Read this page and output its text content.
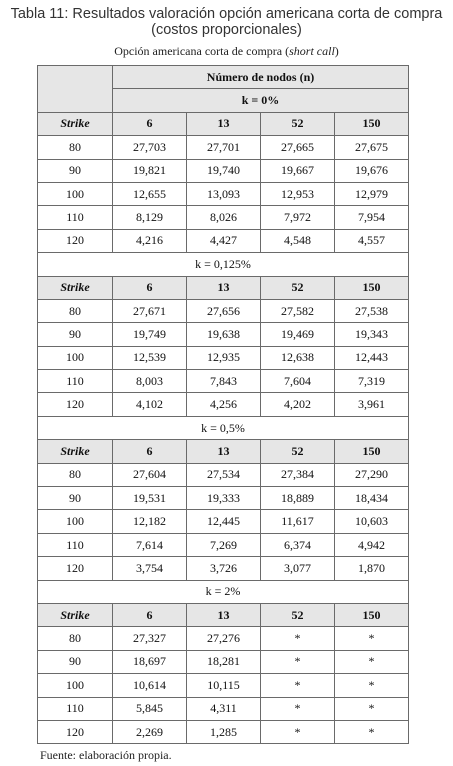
Tabla 11: Resultados valoración opción americana corta de compra
(costos proporcionales)
Opción americana corta de compra (short call)
	Número de nodos (n)			
	k = 0%			
Strike	6	13	52	150
80	27,703	27,701	27,665	27,675
90	19,821	19,740	19,667	19,676
100	12,655	13,093	12,953	12,979
110	8,129	8,026	7,972	7,954
120	4,216	4,427	4,548	4,557
k = 0,125%				
Strike	6	13	52	150
80	27,671	27,656	27,582	27,538
90	19,749	19,638	19,469	19,343
100	12,539	12,935	12,638	12,443
110	8,003	7,843	7,604	7,319
120	4,102	4,256	4,202	3,961
k = 0,5%				
Strike	6	13	52	150
80	27,604	27,534	27,384	27,290
90	19,531	19,333	18,889	18,434
100	12,182	12,445	11,617	10,603
110	7,614	7,269	6,374	4,942
120	3,754	3,726	3,077	1,870
k = 2%				
Strike	6	13	52	150
80	27,327	27,276	*	*
90	18,697	18,281	*	*
100	10,614	10,115	*	*
110	5,845	4,311	*	*
120	2,269	1,285	*	*
Fuente: elaboración propia.
